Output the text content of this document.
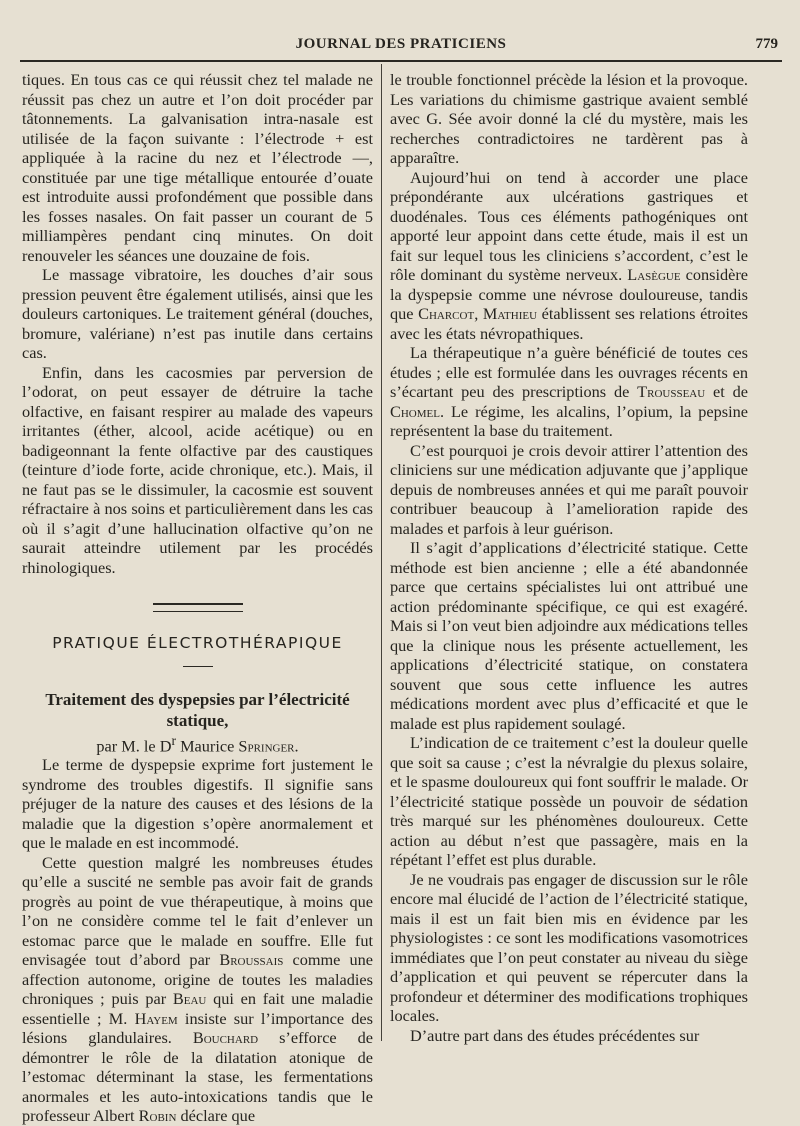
JOURNAL DES PRATICIENS	779

tiques. En tous cas ce qui réussit chez tel malade ne réussit pas chez un autre et l’on doit procéder par tâtonnements. La galvanisation intra-nasale est utilisée de la façon suivante : l’électrode + est appliquée à la racine du nez et l’électrode —, constituée par une tige métallique entourée d’ouate est introduite aussi profondément que possible dans les fosses nasales. On fait passer un courant de 5 milliampères pendant cinq minutes. On doit renouveler les séances une douzaine de fois.

Le massage vibratoire, les douches d’air sous pression peuvent être également utilisés, ainsi que les douleurs cartoniques. Le traitement général (douches, bromure, valériane) n’est pas inutile dans certains cas.

Enfin, dans les cacosmies par perversion de l’odorat, on peut essayer de détruire la tache olfactive, en faisant respirer au malade des vapeurs irritantes (éther, alcool, acide acétique) ou en badigeonnant la fente olfactive par des caustiques (teinture d’iode forte, acide chronique, etc.). Mais, il ne faut pas se le dissimuler, la cacosmie est souvent réfractaire à nos soins et particulièrement dans les cas où il s’agit d’une hallucination olfactive qu’on ne saurait atteindre utilement par les procédés rhinologiques.

PRATIQUE ÉLECTROTHÉRAPIQUE

Traitement des dyspepsies par l’électricité statique,

par M. le $D^r$ Maurice Springer.

Le terme de dyspepsie exprime fort justement le syndrome des troubles digestifs. Il signifie sans préjuger de la nature des causes et des lésions de la maladie que la digestion s’opère anormalement et que le malade en est incommodé.

Cette question malgré les nombreuses études qu’elle a suscité ne semble pas avoir fait de grands progrès au point de vue thérapeutique, à moins que l’on ne considère comme tel le fait d’enlever un estomac parce que le malade en souffre. Elle fut envisagée tout d’abord par Broussais comme une affection autonome, origine de toutes les maladies chroniques ; puis par Beau qui en fait une maladie essentielle ; M. Hayem insiste sur l’importance des lésions glandulaires. Bouchard s’efforce de démontrer le rôle de la dilatation atonique de l’estomac déterminant la stase, les fermentations anormales et les auto-intoxications tandis que le professeur Albert Robin déclare que

le trouble fonctionnel précède la lésion et la provoque. Les variations du chimisme gastrique avaient semblé avec G. Sée avoir donné la clé du mystère, mais les recherches contradictoires ne tardèrent pas à apparaître.

Aujourd’hui on tend à accorder une place prépondérante aux ulcérations gastriques et duodénales. Tous ces éléments pathogéniques ont apporté leur appoint dans cette étude, mais il est un fait sur lequel tous les cliniciens s’accordent, c’est le rôle dominant du système nerveux. Lasègue considère la dyspepsie comme une névrose douloureuse, tandis que Charcot, Mathieu établissent ses relations étroites avec les états névropathiques.

La thérapeutique n’a guère bénéficié de toutes ces études ; elle est formulée dans les ouvrages récents en s’écartant peu des prescriptions de Trousseau et de Chomel. Le régime, les alcalins, l’opium, la pepsine représentent la base du traitement.

C’est pourquoi je crois devoir attirer l’attention des cliniciens sur une médication adjuvante que j’applique depuis de nombreuses années et qui me paraît pouvoir contribuer beaucoup à l’amelioration rapide des malades et parfois à leur guérison.

Il s’agit d’applications d’électricité statique. Cette méthode est bien ancienne ; elle a été abandonnée parce que certains spécialistes lui ont attribué une action prédominante spécifique, ce qui est exagéré. Mais si l’on veut bien adjoindre aux médications telles que la clinique nous les présente actuellement, les applications d’électricité statique, on constatera souvent que sous cette influence les autres médications mordent avec plus d’efficacité et que le malade est plus rapidement soulagé.

L’indication de ce traitement c’est la douleur quelle que soit sa cause ; c’est la névralgie du plexus solaire, et le spasme douloureux qui font souffrir le malade. Or l’électricité statique possède un pouvoir de sédation très marqué sur les phénomènes douloureux. Cette action au début n’est que passagère, mais en la répétant l’effet est plus durable.

Je ne voudrais pas engager de discussion sur le rôle encore mal élucidé de l’action de l’électricité statique, mais il est un fait bien mis en évidence par les physiologistes : ce sont les modifications vasomotrices immédiates que l’on peut constater au niveau du siège d’application et qui peuvent se répercuter dans la profondeur et déterminer des modifications trophiques locales.

D’autre part dans des études précédentes sur
